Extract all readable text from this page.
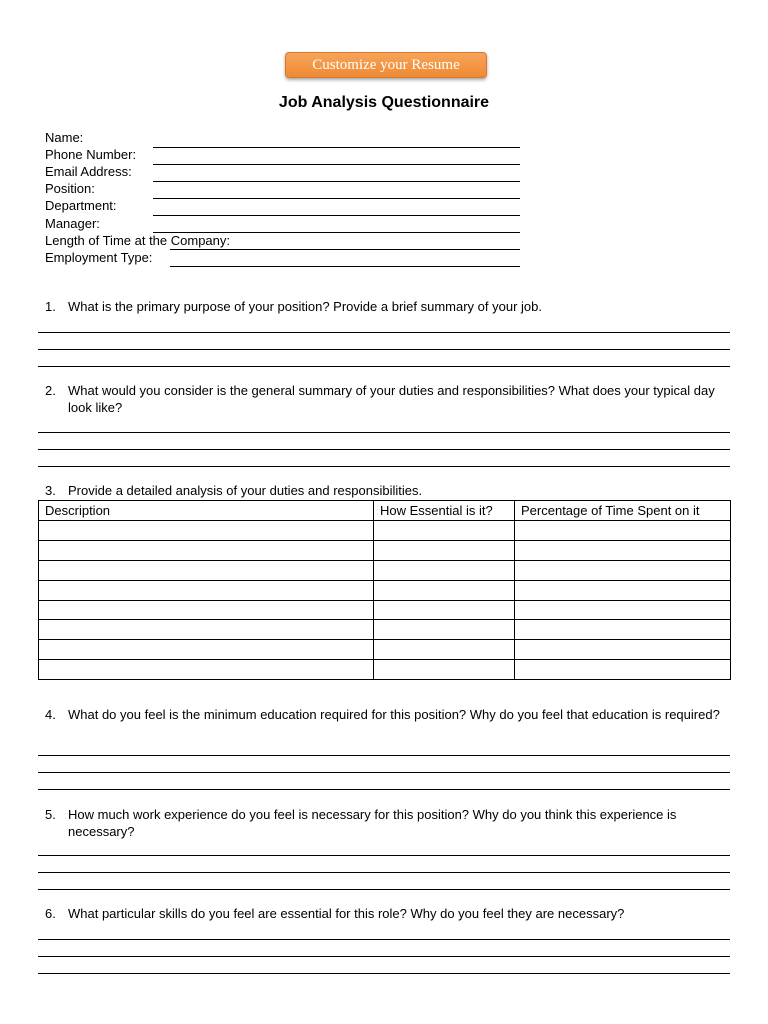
Customize your Resume
Job Analysis Questionnaire
Name:
Phone Number:
Email Address:
Position:
Department:
Manager:
Length of Time at the Company:
Employment Type:
1. What is the primary purpose of your position? Provide a brief summary of your job.
2. What would you consider is the general summary of your duties and responsibilities? What does your typical day look like?
3. Provide a detailed analysis of your duties and responsibilities.
Description	How Essential is it?	Percentage of Time Spent on it

4. What do you feel is the minimum education required for this position? Why do you feel that education is required?
5. How much work experience do you feel is necessary for this position? Why do you think this experience is necessary?
6. What particular skills do you feel are essential for this role? Why do you feel they are necessary?
